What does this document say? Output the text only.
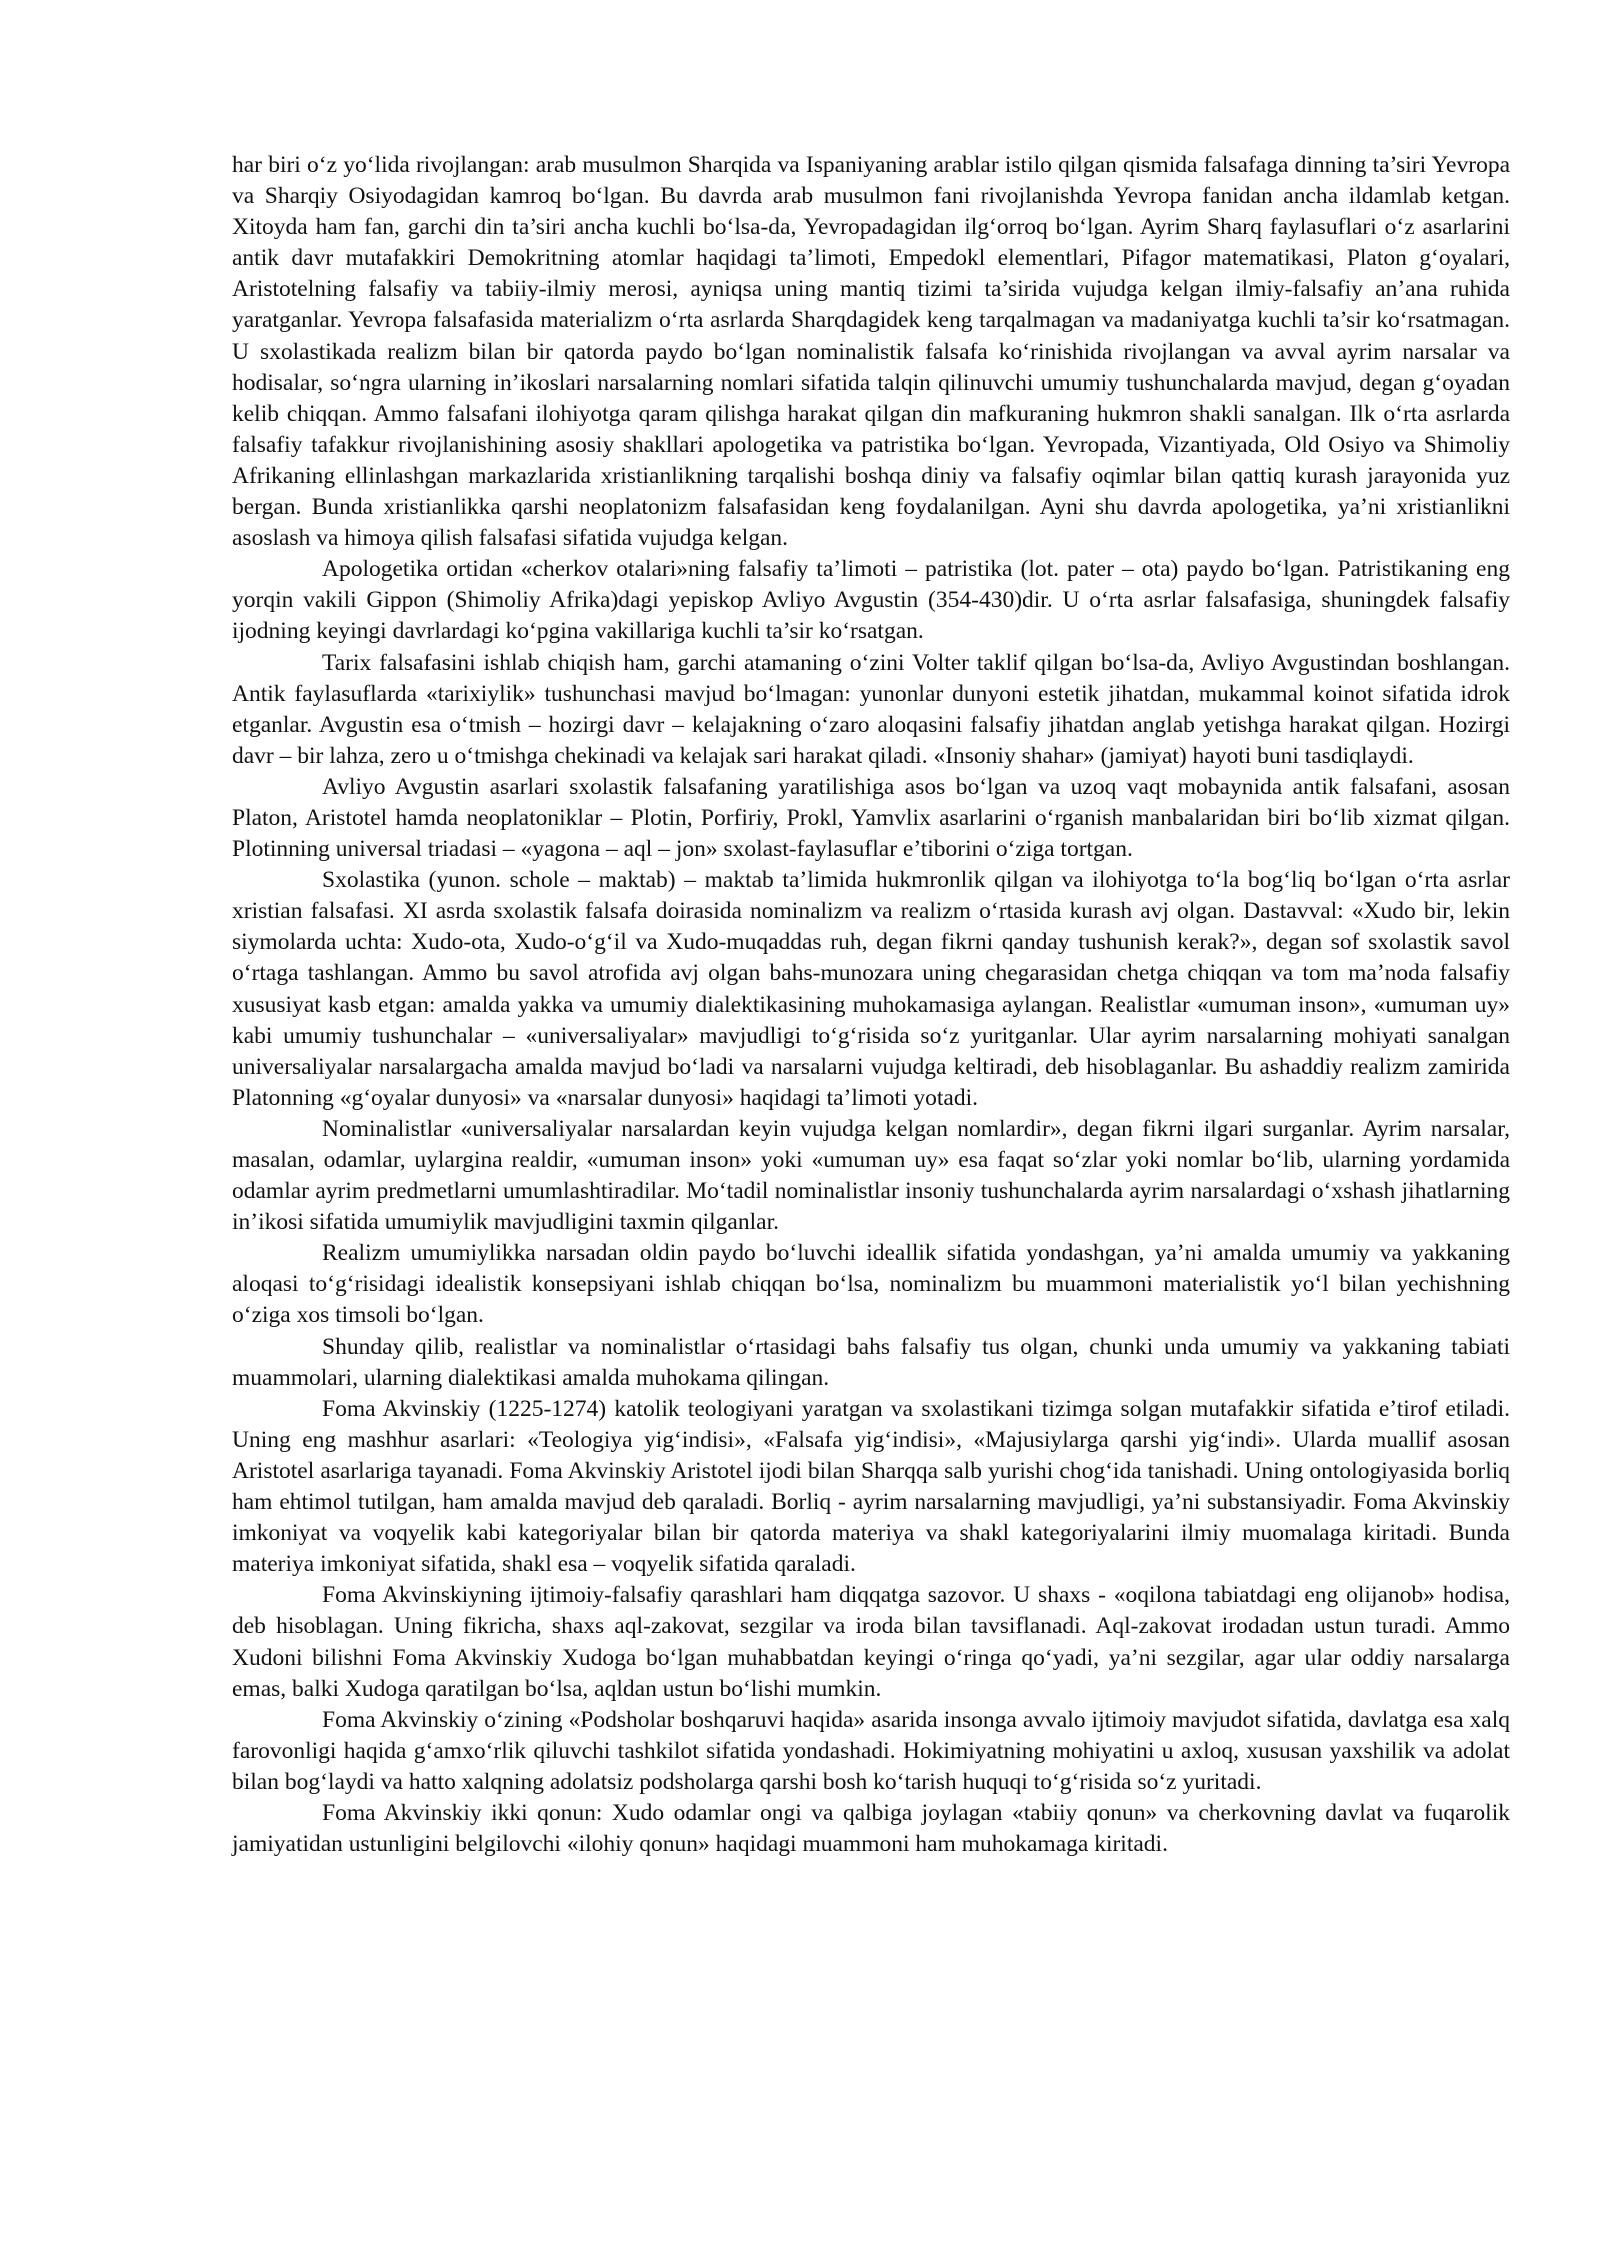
har biri o‘z yo‘lida rivojlangan: arab musulmon Sharqida va Ispaniyaning arablar istilo qilgan qismida falsafaga dinning ta’siri Yevropa va Sharqiy Osiyodagidan kamroq bo‘lgan. Bu davrda arab musulmon fani rivojlanishda Yevropa fanidan ancha ildamlab ketgan. Xitoyda ham fan, garchi din ta’siri ancha kuchli bo‘lsa-da, Yevropadagidan ilg‘orroq bo‘lgan. Ayrim Sharq faylasuflari o‘z asarlarini antik davr mutafakkiri Demokritning atomlar haqidagi ta’limoti, Empedokl elementlari, Pifagor matematikasi, Platon g‘oyalari, Aristotelning falsafiy va tabiiy-ilmiy merosi, ayniqsa uning mantiq tizimi ta’sirida vujudga kelgan ilmiy-falsafiy an’ana ruhida yaratganlar. Yevropa falsafasida materializm o‘rta asrlarda Sharqdagidek keng tarqalmagan va madaniyatga kuchli ta’sir ko‘rsatmagan. U sxolastikada realizm bilan bir qatorda paydo bo‘lgan nominalistik falsafa ko‘rinishida rivojlangan va avval ayrim narsalar va hodisalar, so‘ngra ularning in’ikoslari narsalarning nomlari sifatida talqin qilinuvchi umumiy tushunchalarda mavjud, degan g‘oyadan kelib chiqqan. Ammo falsafani ilohiyotga qaram qilishga harakat qilgan din mafkuraning hukmron shakli sanalgan. Ilk o‘rta asrlarda falsafiy tafakkur rivojlanishining asosiy shakllari apologetika va patristika bo‘lgan. Yevropada, Vizantiyada, Old Osiyo va Shimoliy Afrikaning ellinlashgan markazlarida xristianlikning tarqalishi boshqa diniy va falsafiy oqimlar bilan qattiq kurash jarayonida yuz bergan. Bunda xristianlikka qarshi neoplatonizm falsafasidan keng foydalanilgan. Ayni shu davrda apologetika, ya’ni xristianlikni asoslash va himoya qilish falsafasi sifatida vujudga kelgan.

Apologetika ortidan «cherkov otalari»ning falsafiy ta’limoti – patristika (lot. pater – ota) paydo bo‘lgan. Patristikaning eng yorqin vakili Gippon (Shimoliy Afrika)dagi yepiskop Avliyo Avgustin (354-430)dir. U o‘rta asrlar falsafasiga, shuningdek falsafiy ijodning keyingi davrlardagi ko‘pgina vakillariga kuchli ta’sir ko‘rsatgan.

Tarix falsafasini ishlab chiqish ham, garchi atamaning o‘zini Volter taklif qilgan bo‘lsa-da, Avliyo Avgustindan boshlangan. Antik faylasuflarda «tarixiylik» tushunchasi mavjud bo‘lmagan: yunonlar dunyoni estetik jihatdan, mukammal koinot sifatida idrok etganlar. Avgustin esa o‘tmish – hozirgi davr – kelajakning o‘zaro aloqasini falsafiy jihatdan anglab yetishga harakat qilgan. Hozirgi davr – bir lahza, zero u o‘tmishga chekinadi va kelajak sari harakat qiladi. «Insoniy shahar» (jamiyat) hayoti buni tasdiqlaydi.

Avliyo Avgustin asarlari sxolastik falsafaning yaratilishiga asos bo‘lgan va uzoq vaqt mobaynida antik falsafani, asosan Platon, Aristotel hamda neoplatoniklar – Plotin, Porfiriy, Prokl, Yamvlix asarlarini o‘rganish manbalaridan biri bo‘lib xizmat qilgan. Plotinning universal triadasi – «yagona – aql – jon» sxolast-faylasuflar e’tiborini o‘ziga tortgan.

Sxolastika (yunon. schole – maktab) – maktab ta’limida hukmronlik qilgan va ilohiyotga to‘la bog‘liq bo‘lgan o‘rta asrlar xristian falsafasi. XI asrda sxolastik falsafa doirasida nominalizm va realizm o‘rtasida kurash avj olgan. Dastavval: «Xudo bir, lekin siymolarda uchta: Xudo-ota, Xudo-o‘g‘il va Xudo-muqaddas ruh, degan fikrni qanday tushunish kerak?», degan sof sxolastik savol o‘rtaga tashlangan. Ammo bu savol atrofida avj olgan bahs-munozara uning chegarasidan chetga chiqqan va tom ma’noda falsafiy xususiyat kasb etgan: amalda yakka va umumiy dialektikasining muhokamasiga aylangan. Realistlar «umuman inson», «umuman uy» kabi umumiy tushunchalar – «universaliyalar» mavjudligi to‘g‘risida so‘z yuritganlar. Ular ayrim narsalarning mohiyati sanalgan universaliyalar narsalargacha amalda mavjud bo‘ladi va narsalarni vujudga keltiradi, deb hisoblaganlar. Bu ashaddiy realizm zamirida Platonning «g‘oyalar dunyosi» va «narsalar dunyosi» haqidagi ta’limoti yotadi.

Nominalistlar «universaliyalar narsalardan keyin vujudga kelgan nomlardir», degan fikrni ilgari surganlar. Ayrim narsalar, masalan, odamlar, uylargina realdir, «umuman inson» yoki «umuman uy» esa faqat so‘zlar yoki nomlar bo‘lib, ularning yordamida odamlar ayrim predmetlarni umumlashtiradilar. Mo‘tadil nominalistlar insoniy tushunchalarda ayrim narsalardagi o‘xshash jihatlarning in’ikosi sifatida umumiylik mavjudligini taxmin qilganlar.

Realizm umumiylikka narsadan oldin paydo bo‘luvchi ideallik sifatida yondashgan, ya’ni amalda umumiy va yakkaning aloqasi to‘g‘risidagi idealistik konsepsiyani ishlab chiqqan bo‘lsa, nominalizm bu muammoni materialistik yo‘l bilan yechishning o‘ziga xos timsoli bo‘lgan.

Shunday qilib, realistlar va nominalistlar o‘rtasidagi bahs falsafiy tus olgan, chunki unda umumiy va yakkaning tabiati muammolari, ularning dialektikasi amalda muhokama qilingan.

Foma Akvinskiy (1225-1274) katolik teologiyani yaratgan va sxolastikani tizimga solgan mutafakkir sifatida e’tirof etiladi. Uning eng mashhur asarlari: «Teologiya yig‘indisi», «Falsafa yig‘indisi», «Majusiylarga qarshi yig‘indi». Ularda muallif asosan Aristotel asarlariga tayanadi. Foma Akvinskiy Aristotel ijodi bilan Sharqqa salb yurishi chog‘ida tanishadi. Uning ontologiyasida borliq ham ehtimol tutilgan, ham amalda mavjud deb qaraladi. Borliq - ayrim narsalarning mavjudligi, ya’ni substansiyadir. Foma Akvinskiy imkoniyat va voqyelik kabi kategoriyalar bilan bir qatorda materiya va shakl kategoriyalarini ilmiy muomalaga kiritadi. Bunda materiya imkoniyat sifatida, shakl esa – voqyelik sifatida qaraladi.

Foma Akvinskiyning ijtimoiy-falsafiy qarashlari ham diqqatga sazovor. U shaxs - «oqilona tabiatdagi eng olijanob» hodisa, deb hisoblagan. Uning fikricha, shaxs aql-zakovat, sezgilar va iroda bilan tavsiflanadi. Aql-zakovat irodadan ustun turadi. Ammo Xudoni bilishni Foma Akvinskiy Xudoga bo‘lgan muhabbatdan keyingi o‘ringa qo‘yadi, ya’ni sezgilar, agar ular oddiy narsalarga emas, balki Xudoga qaratilgan bo‘lsa, aqldan ustun bo‘lishi mumkin.

Foma Akvinskiy o‘zining «Podsholar boshqaruvi haqida» asarida insonga avvalo ijtimoiy mavjudot sifatida, davlatga esa xalq farovonligi haqida g‘amxo‘rlik qiluvchi tashkilot sifatida yondashadi. Hokimiyatning mohiyatini u axloq, xususan yaxshilik va adolat bilan bog‘laydi va hatto xalqning adolatsiz podsholarga qarshi bosh ko‘tarish huquqi to‘g‘risida so‘z yuritadi.

Foma Akvinskiy ikki qonun: Xudo odamlar ongi va qalbiga joylagan «tabiiy qonun» va cherkovning davlat va fuqarolik jamiyatidan ustunligini belgilovchi «ilohiy qonun» haqidagi muammoni ham muhokamaga kiritadi.
